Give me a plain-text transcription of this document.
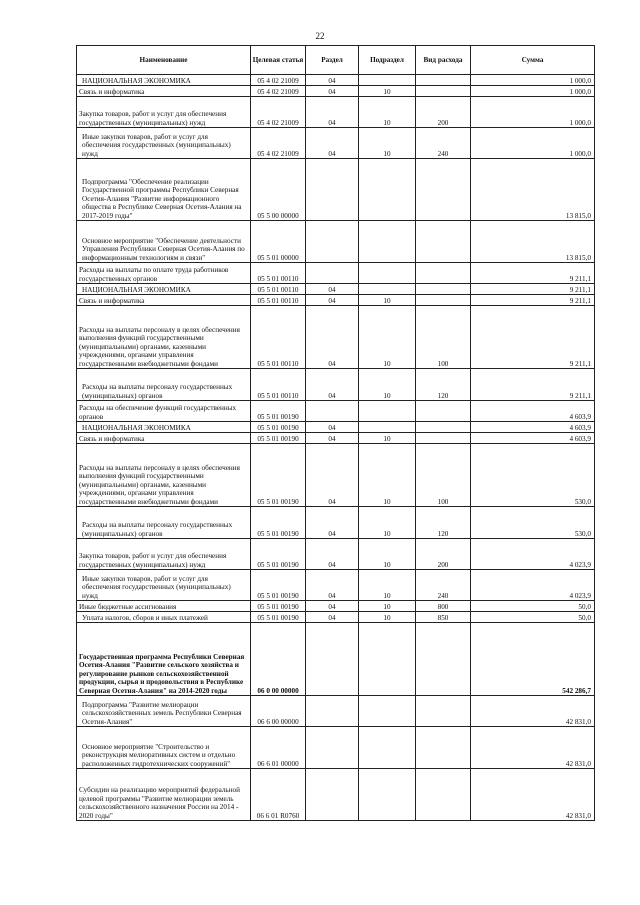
22
Наименование	Целевая статья	Раздел	Подраздел	Вид расхода	Сумма
НАЦИОНАЛЬНАЯ ЭКОНОМИКА	05 4 02 21009	04			1 000,0
Связь и информатика	05 4 02 21009	04	10		1 000,0
Закупка товаров, работ и услуг для обеспечения государственных (муниципальных) нужд	05 4 02 21009	04	10	200	1 000,0
Иные закупки товаров, работ и услуг для обеспечения государственных (муниципальных) нужд	05 4 02 21009	04	10	240	1 000,0
Подпрограмма "Обеспечение реализации Государственной программы Республики Северная Осетия-Алания "Развитие информационного общества в Республике Северная Осетия-Алания на 2017-2019 годы"	05 5 00 00000				13 815,0
Основное мероприятие "Обеспечение деятельности Управления Республики Северная Осетия-Алания по информационным технологиям и связи"	05 5 01 00000				13 815,0
Расходы на выплаты по оплате труда работников государственных органов	05 5 01 00110				9 211,1
НАЦИОНАЛЬНАЯ ЭКОНОМИКА	05 5 01 00110	04			9 211,1
Связь и информатика	05 5 01 00110	04	10		9 211,1
Расходы на выплаты персоналу в целях обеспечения выполнения функций государственными (муниципальными) органами, казенными учреждениями, органами управления государственными внебюджетными фондами	05 5 01 00110	04	10	100	9 211,1
Расходы на выплаты персоналу государственных (муниципальных) органов	05 5 01 00110	04	10	120	9 211,1
Расходы на обеспечение функций государственных органов	05 5 01 00190				4 603,9
НАЦИОНАЛЬНАЯ ЭКОНОМИКА	05 5 01 00190	04			4 603,9
Связь и информатика	05 5 01 00190	04	10		4 603,9
Расходы на выплаты персоналу в целях обеспечения выполнения функций государственными (муниципальными) органами, казенными учреждениями, органами управления государственными внебюджетными фондами	05 5 01 00190	04	10	100	530,0
Расходы на выплаты персоналу государственных (муниципальных) органов	05 5 01 00190	04	10	120	530,0
Закупка товаров, работ и услуг для обеспечения государственных (муниципальных) нужд	05 5 01 00190	04	10	200	4 023,9
Иные закупки товаров, работ и услуг для обеспечения государственных (муниципальных) нужд	05 5 01 00190	04	10	240	4 023,9
Иные бюджетные ассигнования	05 5 01 00190	04	10	800	50,0
Уплата налогов, сборов и иных платежей	05 5 01 00190	04	10	850	50,0
Государственная программа Республики Северная Осетия-Алания "Развитие сельского хозяйства и регулирование рынков сельскохозяйственной продукции, сырья и продовольствия в Республике Северная Осетия-Алания" на 2014-2020 годы	06 0 00 00000				542 286,7
Подпрограмма "Развитие мелиорации сельскохозяйственных земель Республики Северная Осетия-Алания"	06 6 00 00000				42 831,0
Основное мероприятие "Строительство и реконструкция мелиоративных систем и отдельно расположенных гидротехнических сооружений"	06 6 01 00000				42 831,0
Субсидии на реализацию мероприятий федеральной целевой программы "Развитие мелиорации земель сельскохозяйственного назначения России на 2014 - 2020 годы"	06 6 01 R0760				42 831,0
